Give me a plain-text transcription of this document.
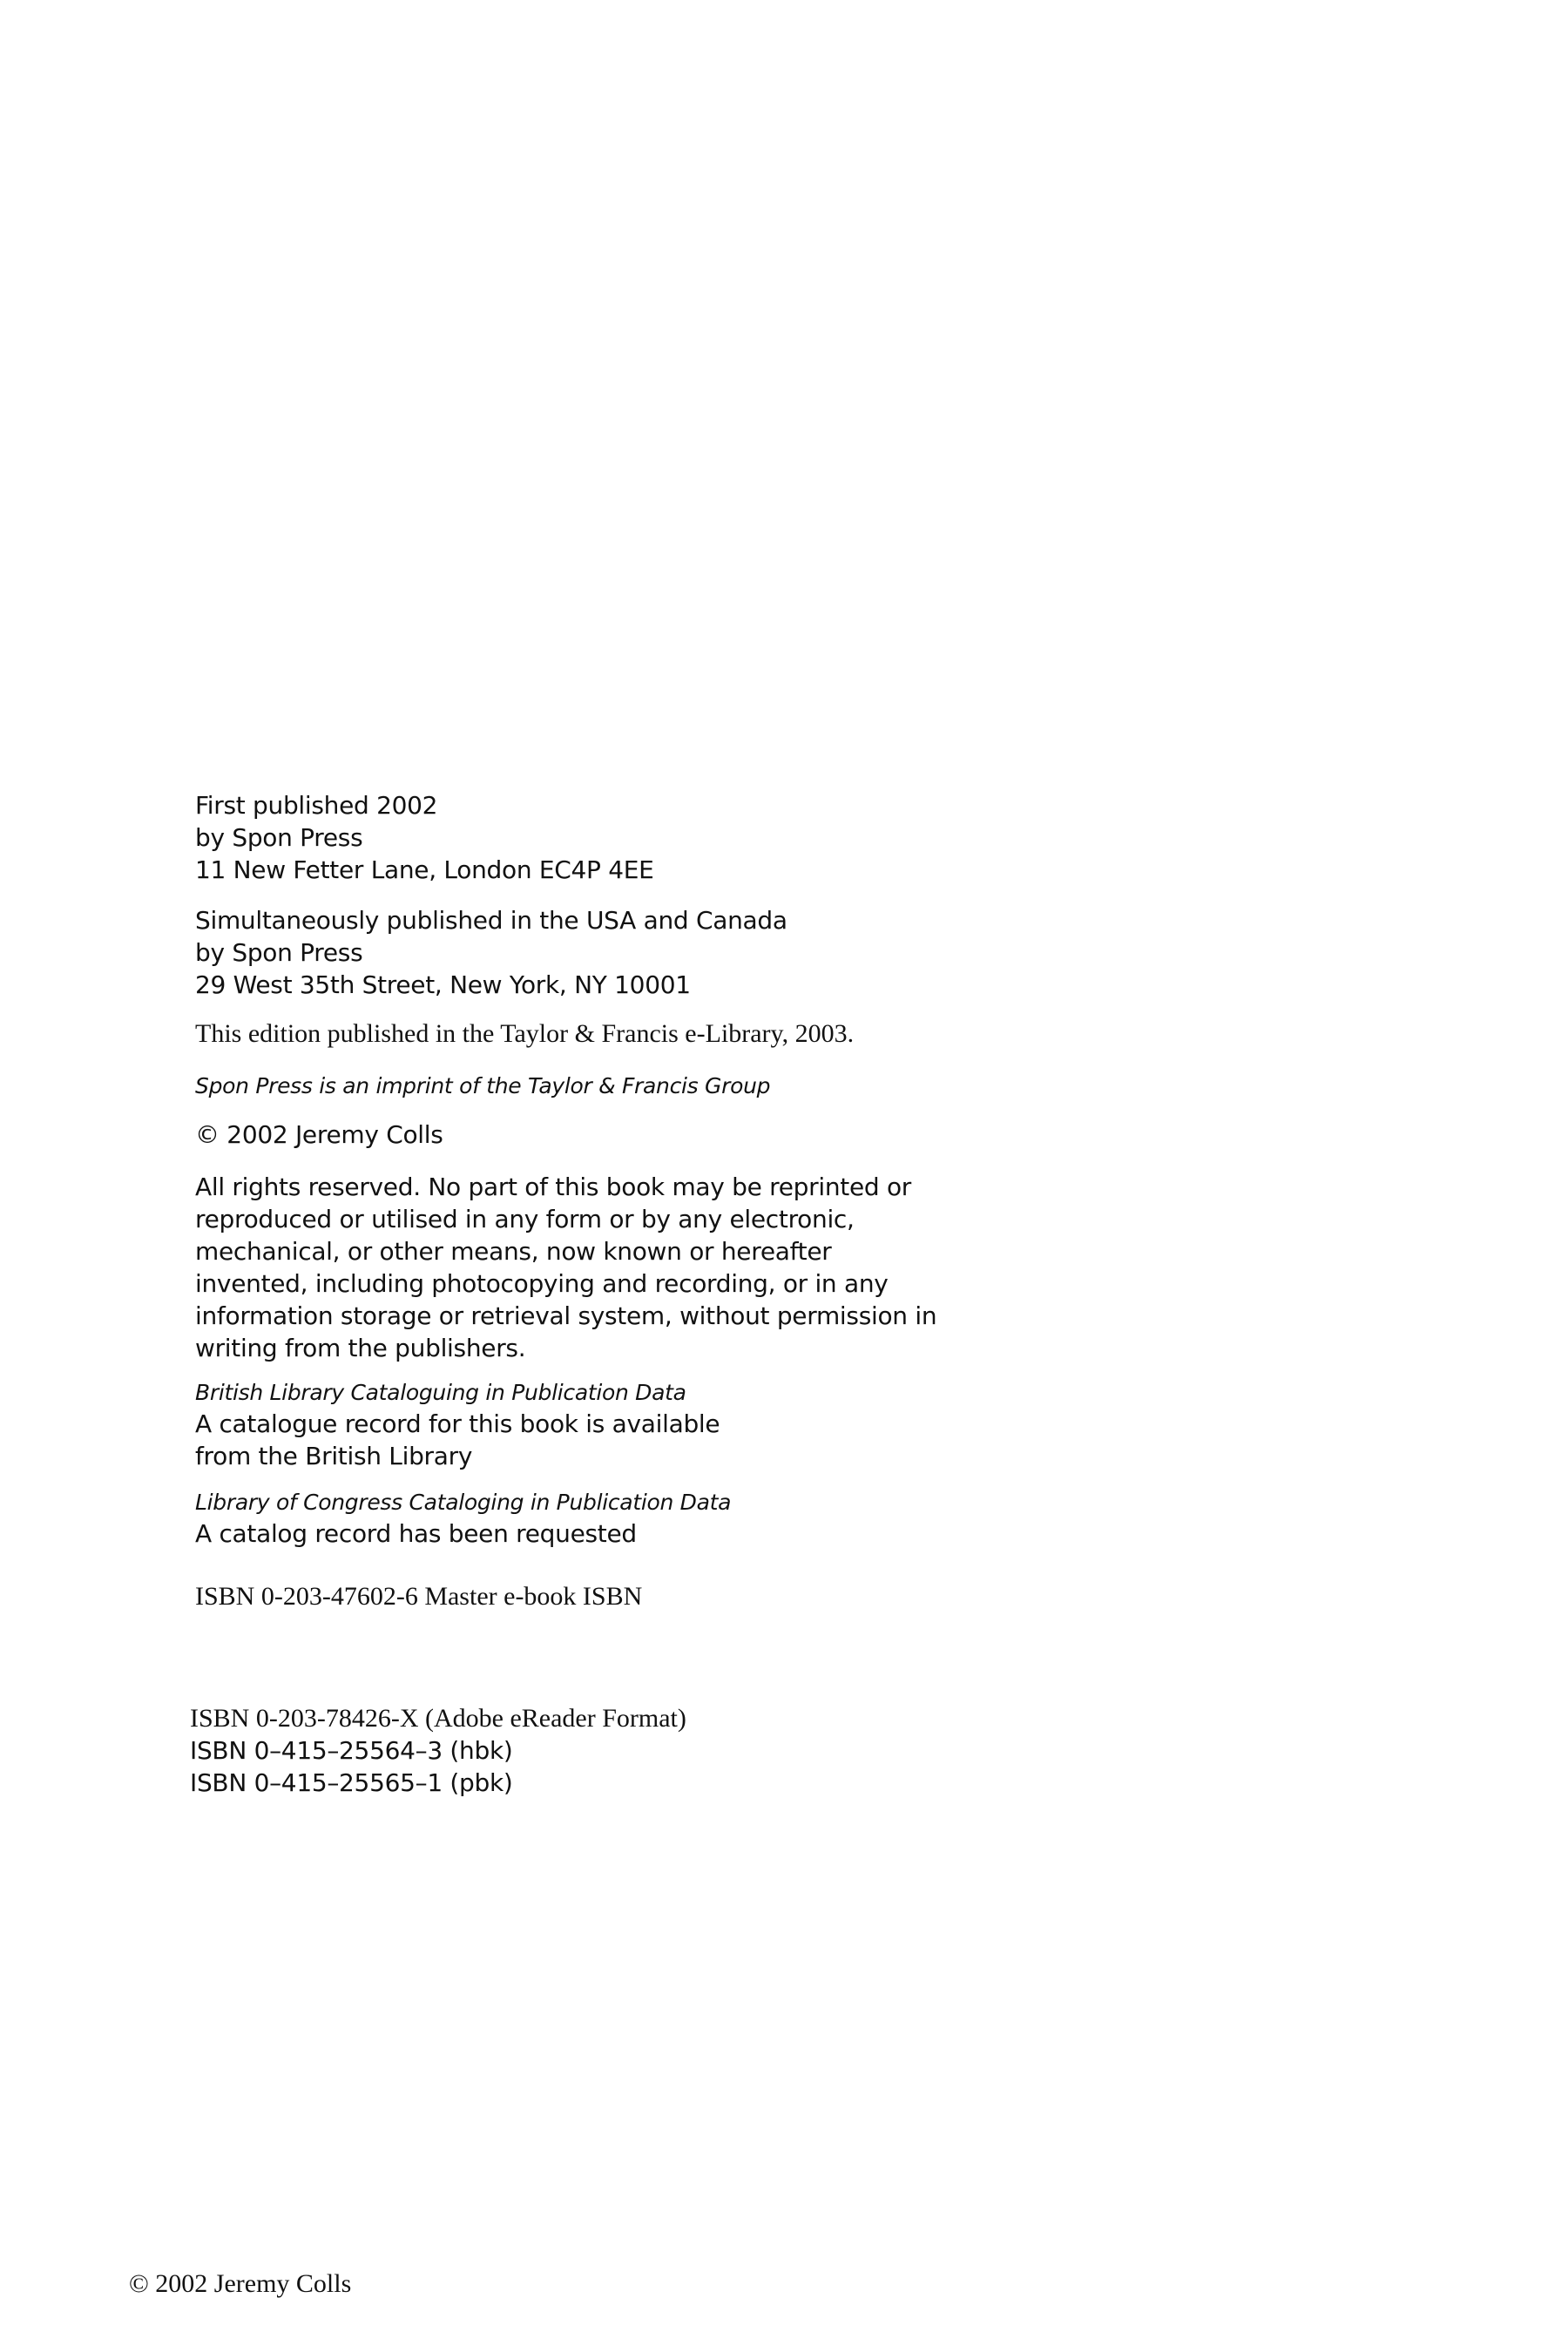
First published 2002
by Spon Press
11 New Fetter Lane, London EC4P 4EE
Simultaneously published in the USA and Canada
by Spon Press
29 West 35th Street, New York, NY 10001
This edition published in the Taylor & Francis e-Library, 2003.
Spon Press is an imprint of the Taylor & Francis Group
© 2002 Jeremy Colls
All rights reserved. No part of this book may be reprinted or
reproduced or utilised in any form or by any electronic,
mechanical, or other means, now known or hereafter
invented, including photocopying and recording, or in any
information storage or retrieval system, without permission in
writing from the publishers.
British Library Cataloguing in Publication Data
A catalogue record for this book is available
from the British Library
Library of Congress Cataloging in Publication Data
A catalog record has been requested
ISBN 0-203-47602-6 Master e-book ISBN
ISBN 0-203-78426-X (Adobe eReader Format)
ISBN 0–415–25564–3 (hbk)
ISBN 0–415–25565–1 (pbk)
© 2002 Jeremy Colls
